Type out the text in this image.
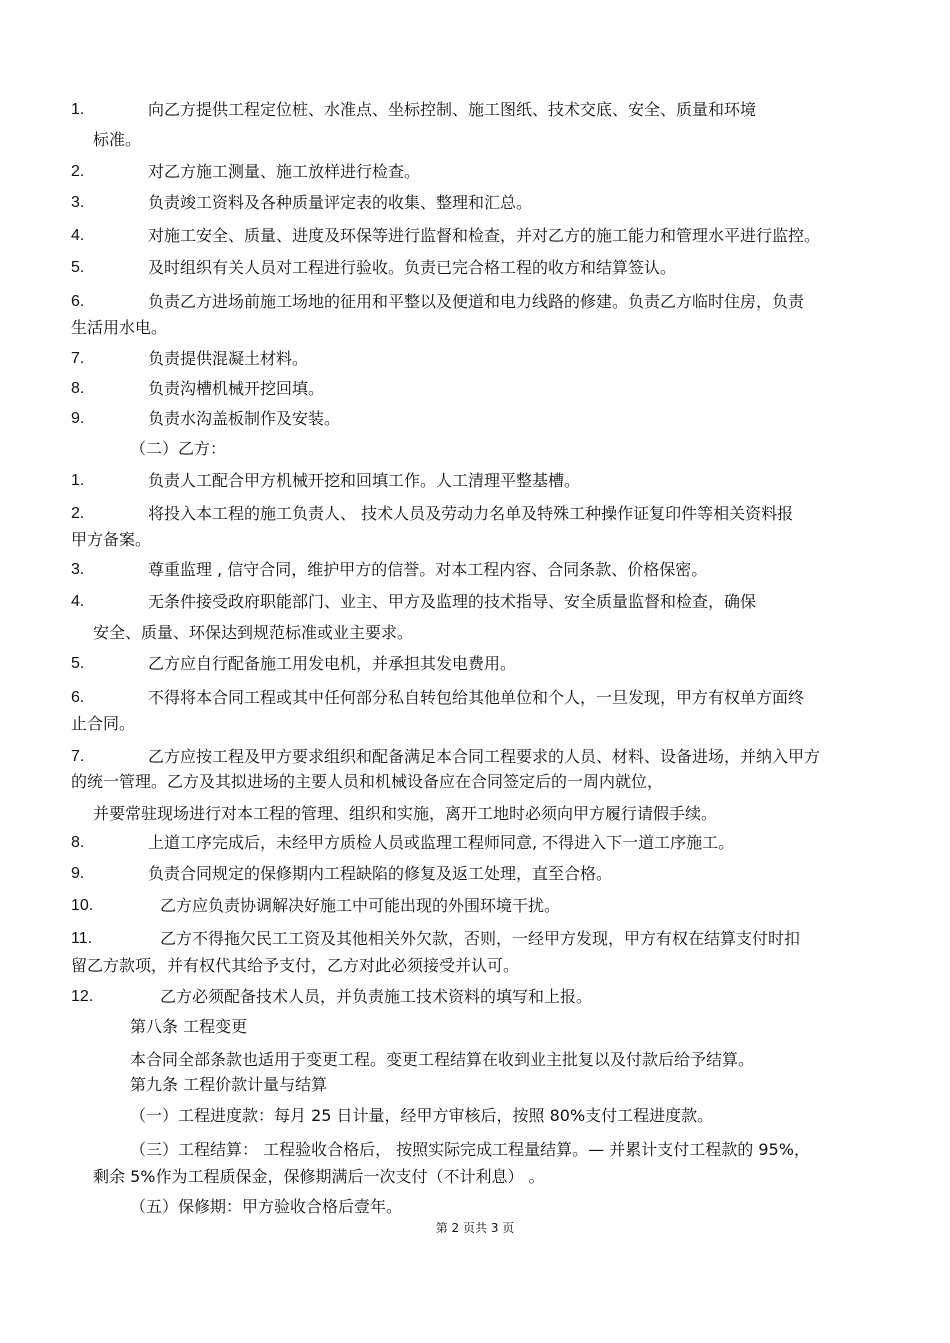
1.	向乙方提供工程定位桩、水准点、坐标控制、施工图纸、技术交底、安全、质量和环境
标准。
2.	对乙方施工测量、施工放样进行检查。
3.	负责竣工资料及各种质量评定表的收集、整理和汇总。
4.	对施工安全、质量、进度及环保等进行监督和检查，并对乙方的施工能力和管理水平进行监控。
5.	及时组织有关人员对工程进行验收。负责已完合格工程的收方和结算签认。
6.	负责乙方进场前施工场地的征用和平整以及便道和电力线路的修建。负责乙方临时住房，负责
生活用水电。
7.	负责提供混凝土材料。
8.	负责沟槽机械开挖回填。
9.	负责水沟盖板制作及安装。
（二）乙方：
1.	负责人工配合甲方机械开挖和回填工作。人工清理平整基槽。
2.	将投入本工程的施工负责人、 技术人员及劳动力名单及特殊工种操作证复印件等相关资料报
甲方备案。
3.	尊重监理 , 信守合同，维护甲方的信誉。对本工程内容、合同条款、价格保密。
4.	无条件接受政府职能部门、业主、甲方及监理的技术指导、安全质量监督和检查，确保
安全、质量、环保达到规范标准或业主要求。
5.	乙方应自行配备施工用发电机，并承担其发电费用。
6.	不得将本合同工程或其中任何部分私自转包给其他单位和个人，一旦发现，甲方有权单方面终
止合同。
7.	乙方应按工程及甲方要求组织和配备满足本合同工程要求的人员、材料、设备进场，并纳入甲方
的统一管理。乙方及其拟进场的主要人员和机械设备应在合同签定后的一周内就位，
并要常驻现场进行对本工程的管理、组织和实施，离开工地时必须向甲方履行请假手续。
8.	上道工序完成后，未经甲方质检人员或监理工程师同意, 不得进入下一道工序施工。
9.	负责合同规定的保修期内工程缺陷的修复及返工处理，直至合格。
10.	乙方应负责协调解决好施工中可能出现的外围环境干扰。
11.	乙方不得拖欠民工工资及其他相关外欠款，否则，一经甲方发现，甲方有权在结算支付时扣
留乙方款项，并有权代其给予支付，乙方对此必须接受并认可。
12.	乙方必须配备技术人员，并负责施工技术资料的填写和上报。
第八条 工程变更
本合同全部条款也适用于变更工程。变更工程结算在收到业主批复以及付款后给予结算。
第九条 工程价款计量与结算
（一）工程进度款：每月 25 日计量，经甲方审核后，按照 80%支付工程进度款。
（三）工程结算： 工程验收合格后， 按照实际完成工程量结算。— 并累计支付工程款的 95%，
剩余 5%作为工程质保金，保修期满后一次支付（不计利息） 。
（五）保修期：甲方验收合格后壹年。
第 2 页共 3 页
